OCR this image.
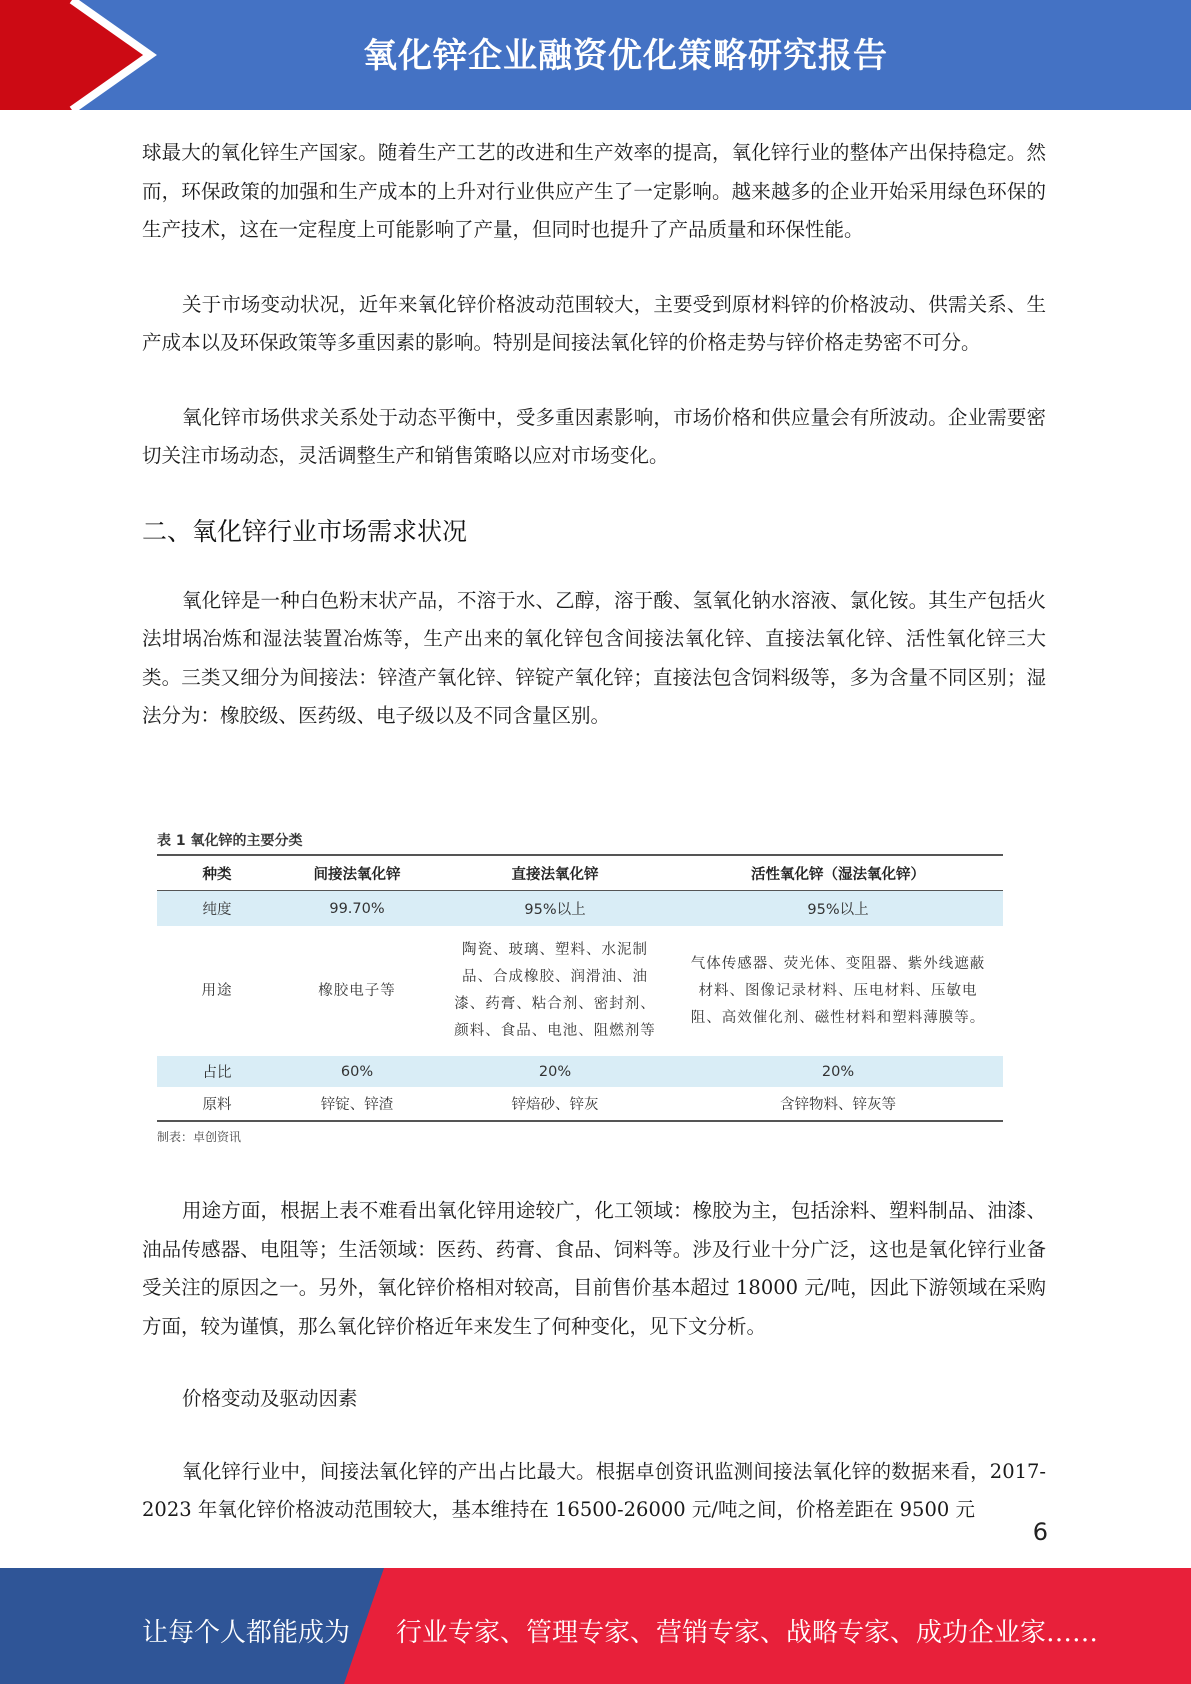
氧化锌企业融资优化策略研究报告

球最大的氧化锌生产国家。随着生产工艺的改进和生产效率的提高，氧化锌行业的整体产出保持稳定。然而，环保政策的加强和生产成本的上升对行业供应产生了一定影响。越来越多的企业开始采用绿色环保的生产技术，这在一定程度上可能影响了产量，但同时也提升了产品质量和环保性能。

关于市场变动状况，近年来氧化锌价格波动范围较大，主要受到原材料锌的价格波动、供需关系、生产成本以及环保政策等多重因素的影响。特别是间接法氧化锌的价格走势与锌价格走势密不可分。

氧化锌市场供求关系处于动态平衡中，受多重因素影响，市场价格和供应量会有所波动。企业需要密切关注市场动态，灵活调整生产和销售策略以应对市场变化。

二、氧化锌行业市场需求状况

氧化锌是一种白色粉末状产品，不溶于水、乙醇，溶于酸、氢氧化钠水溶液、氯化铵。其生产包括火法坩埚冶炼和湿法装置冶炼等，生产出来的氧化锌包含间接法氧化锌、直接法氧化锌、活性氧化锌三大类。三类又细分为间接法：锌渣产氧化锌、锌锭产氧化锌；直接法包含饲料级等，多为含量不同区别；湿法分为：橡胶级、医药级、电子级以及不同含量区别。

表 1 氧化锌的主要分类
种类	间接法氧化锌	直接法氧化锌	活性氧化锌（湿法氧化锌）
纯度	99.70%	95%以上	95%以上
用途	橡胶电子等	陶瓷、玻璃、塑料、水泥制品、合成橡胶、润滑油、油漆、药膏、粘合剂、密封剂、颜料、食品、电池、阻燃剂等	气体传感器、荧光体、变阻器、紫外线遮蔽材料、图像记录材料、压电材料、压敏电阻、高效催化剂、磁性材料和塑料薄膜等。
占比	60%	20%	20%
原料	锌锭、锌渣	锌焙砂、锌灰	含锌物料、锌灰等
制表：卓创资讯

用途方面，根据上表不难看出氧化锌用途较广，化工领域：橡胶为主，包括涂料、塑料制品、油漆、油品传感器、电阻等；生活领域：医药、药膏、食品、饲料等。涉及行业十分广泛，这也是氧化锌行业备受关注的原因之一。另外，氧化锌价格相对较高，目前售价基本超过 18000 元/吨，因此下游领域在采购方面，较为谨慎，那么氧化锌价格近年来发生了何种变化，见下文分析。

价格变动及驱动因素

氧化锌行业中，间接法氧化锌的产出占比最大。根据卓创资讯监测间接法氧化锌的数据来看，2017-2023 年氧化锌价格波动范围较大，基本维持在 16500-26000 元/吨之间，价格差距在 9500 元

6
让每个人都能成为 行业专家、管理专家、营销专家、战略专家、成功企业家……
